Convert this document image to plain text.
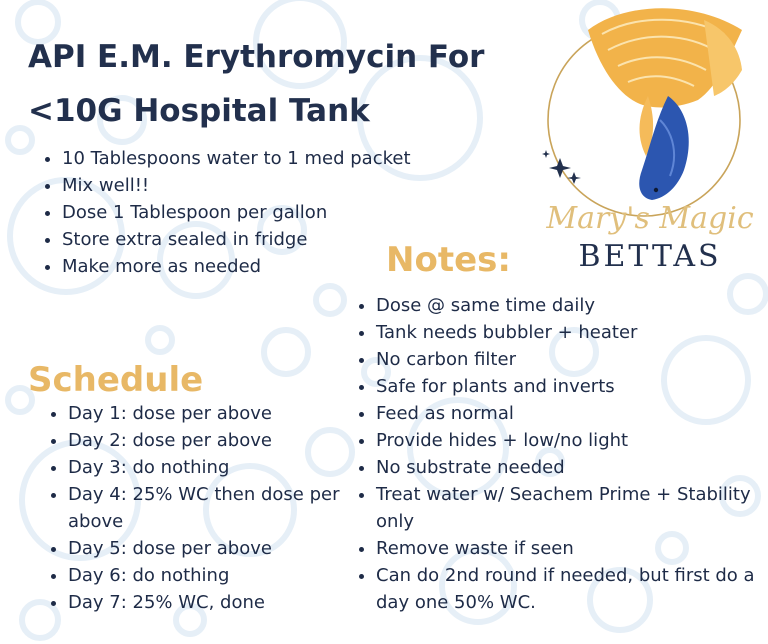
API E.M. Erythromycin For <10G Hospital Tank
• 10 Tablespoons water to 1 med packet
• Mix well!!
• Dose 1 Tablespoon per gallon
• Store extra sealed in fridge
• Make more as needed
Mary's Magic
BETTAS
Notes:
• Dose @ same time daily
• Tank needs bubbler + heater
• No carbon filter
• Safe for plants and inverts
• Feed as normal
• Provide hides + low/no light
• No substrate needed
• Treat water w/ Seachem Prime + Stability only
• Remove waste if seen
• Can do 2nd round if needed, but first do a day one 50% WC.
Schedule
• Day 1: dose per above
• Day 2: dose per above
• Day 3: do nothing
• Day 4: 25% WC then dose per above
• Day 5: dose per above
• Day 6: do nothing
• Day 7: 25% WC, done
